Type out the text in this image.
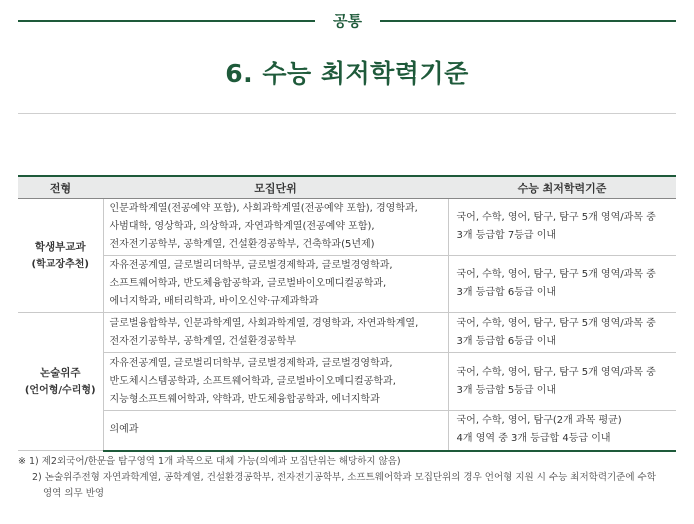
공통
6. 수능 최저학력기준
전형	모집단위	수능 최저학력기준
학생부교과
(학교장추천)	인문과학계열(전공예약 포함), 사회과학계열(전공예약 포함), 경영학과,
사범대학, 영상학과, 의상학과, 자연과학계열(전공예약 포함),
전자전기공학부, 공학계열, 건설환경공학부, 건축학과(5년제)	국어, 수학, 영어, 탐구, 탐구 5개 영역/과목 중
3개 등급합 7등급 이내

	자유전공계열, 글로벌리더학부, 글로벌경제학과, 글로벌경영학과,
소프트웨어학과, 반도체융합공학과, 글로벌바이오메디컬공학과,
에너지학과, 배터리학과, 바이오신약·규제과학과	국어, 수학, 영어, 탐구, 탐구 5개 영역/과목 중
3개 등급합 6등급 이내

논술위주
(언어형/수리형)	글로벌융합학부, 인문과학계열, 사회과학계열, 경영학과, 자연과학계열,
전자전기공학부, 공학계열, 건설환경공학부	국어, 수학, 영어, 탐구, 탐구 5개 영역/과목 중
3개 등급합 6등급 이내

	자유전공계열, 글로벌리더학부, 글로벌경제학과, 글로벌경영학과,
반도체시스템공학과, 소프트웨어학과, 글로벌바이오메디컬공학과,
지능형소프트웨어학과, 약학과, 반도체융합공학과, 에너지학과	국어, 수학, 영어, 탐구, 탐구 5개 영역/과목 중
3개 등급합 5등급 이내

	의예과	국어, 수학, 영어, 탐구(2개 과목 평균)
4개 영역 중 3개 등급합 4등급 이내
※ 1) 제2외국어/한문을 탐구영역 1개 과목으로 대체 가능(의예과 모집단위는 해당하지 않음)
2) 논술위주전형 자연과학계열, 공학계열, 건설환경공학부, 전자전기공학부, 소프트웨어학과 모집단위의 경우 언어형 지원 시 수능 최저학력기준에 수학
영역 의무 반영
